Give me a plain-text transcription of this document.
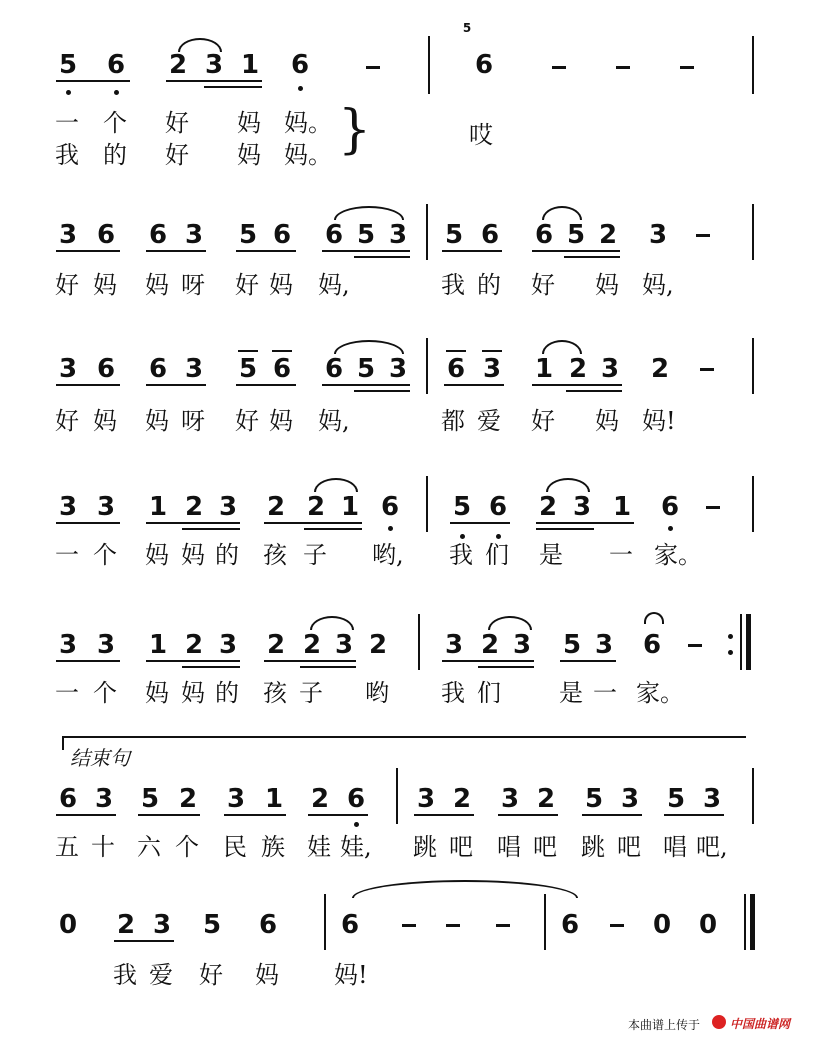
5 6 2 3 1 6
5
6
一 个 好 妈 妈。
我 的 好 妈 妈。 }	哎
3 6 6 3 5 6 6 5 3 5 6 6 5 2 3
好 妈 妈 呀 好 妈 妈,	我 的 好 妈 妈,
3 6 6 3 5 6 6 5 3 6 3 1 2 3 2
好 妈 妈 呀 好 妈 妈,	都 爱 好 妈 妈!
3 3 1 2 3 2 2 1 6 5 6 2 3 1 6
一 个 妈 妈 的 孩 子 哟,	我 们 是 一 家。
3 3 1 2 3 2 2 3 2 3 2 3 5 3 6
一 个 妈 妈 的 孩 子 哟 我 们 是 一 家。
结束句
6 3 5 2 3 1 2 6 3 2 3 2 5 3 5 3
五 十 六 个 民 族 娃 娃,	跳 吧 唱 吧 跳 吧 唱 吧,
0 2 3 5 6 6	6	0 0
我 爱 好 妈 妈!
本曲谱上传于 中国曲谱网
